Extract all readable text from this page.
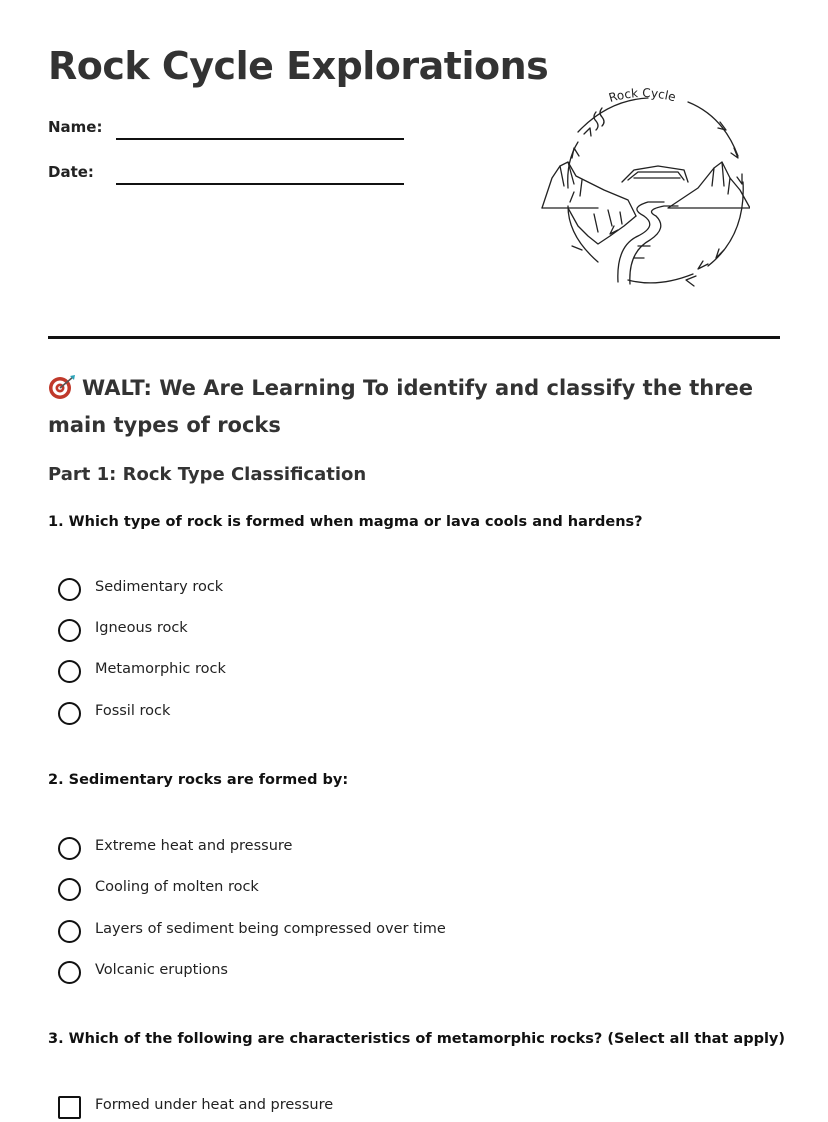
Rock Cycle Explorations
Name:
Date:
Rock Cycle
WALT: We Are Learning To identify and classify the three main types of rocks
Part 1: Rock Type Classification
1. Which type of rock is formed when magma or lava cools and hardens?
Sedimentary rock
Igneous rock
Metamorphic rock
Fossil rock
2. Sedimentary rocks are formed by:
Extreme heat and pressure
Cooling of molten rock
Layers of sediment being compressed over time
Volcanic eruptions
3. Which of the following are characteristics of metamorphic rocks? (Select all that apply)
Formed under heat and pressure
